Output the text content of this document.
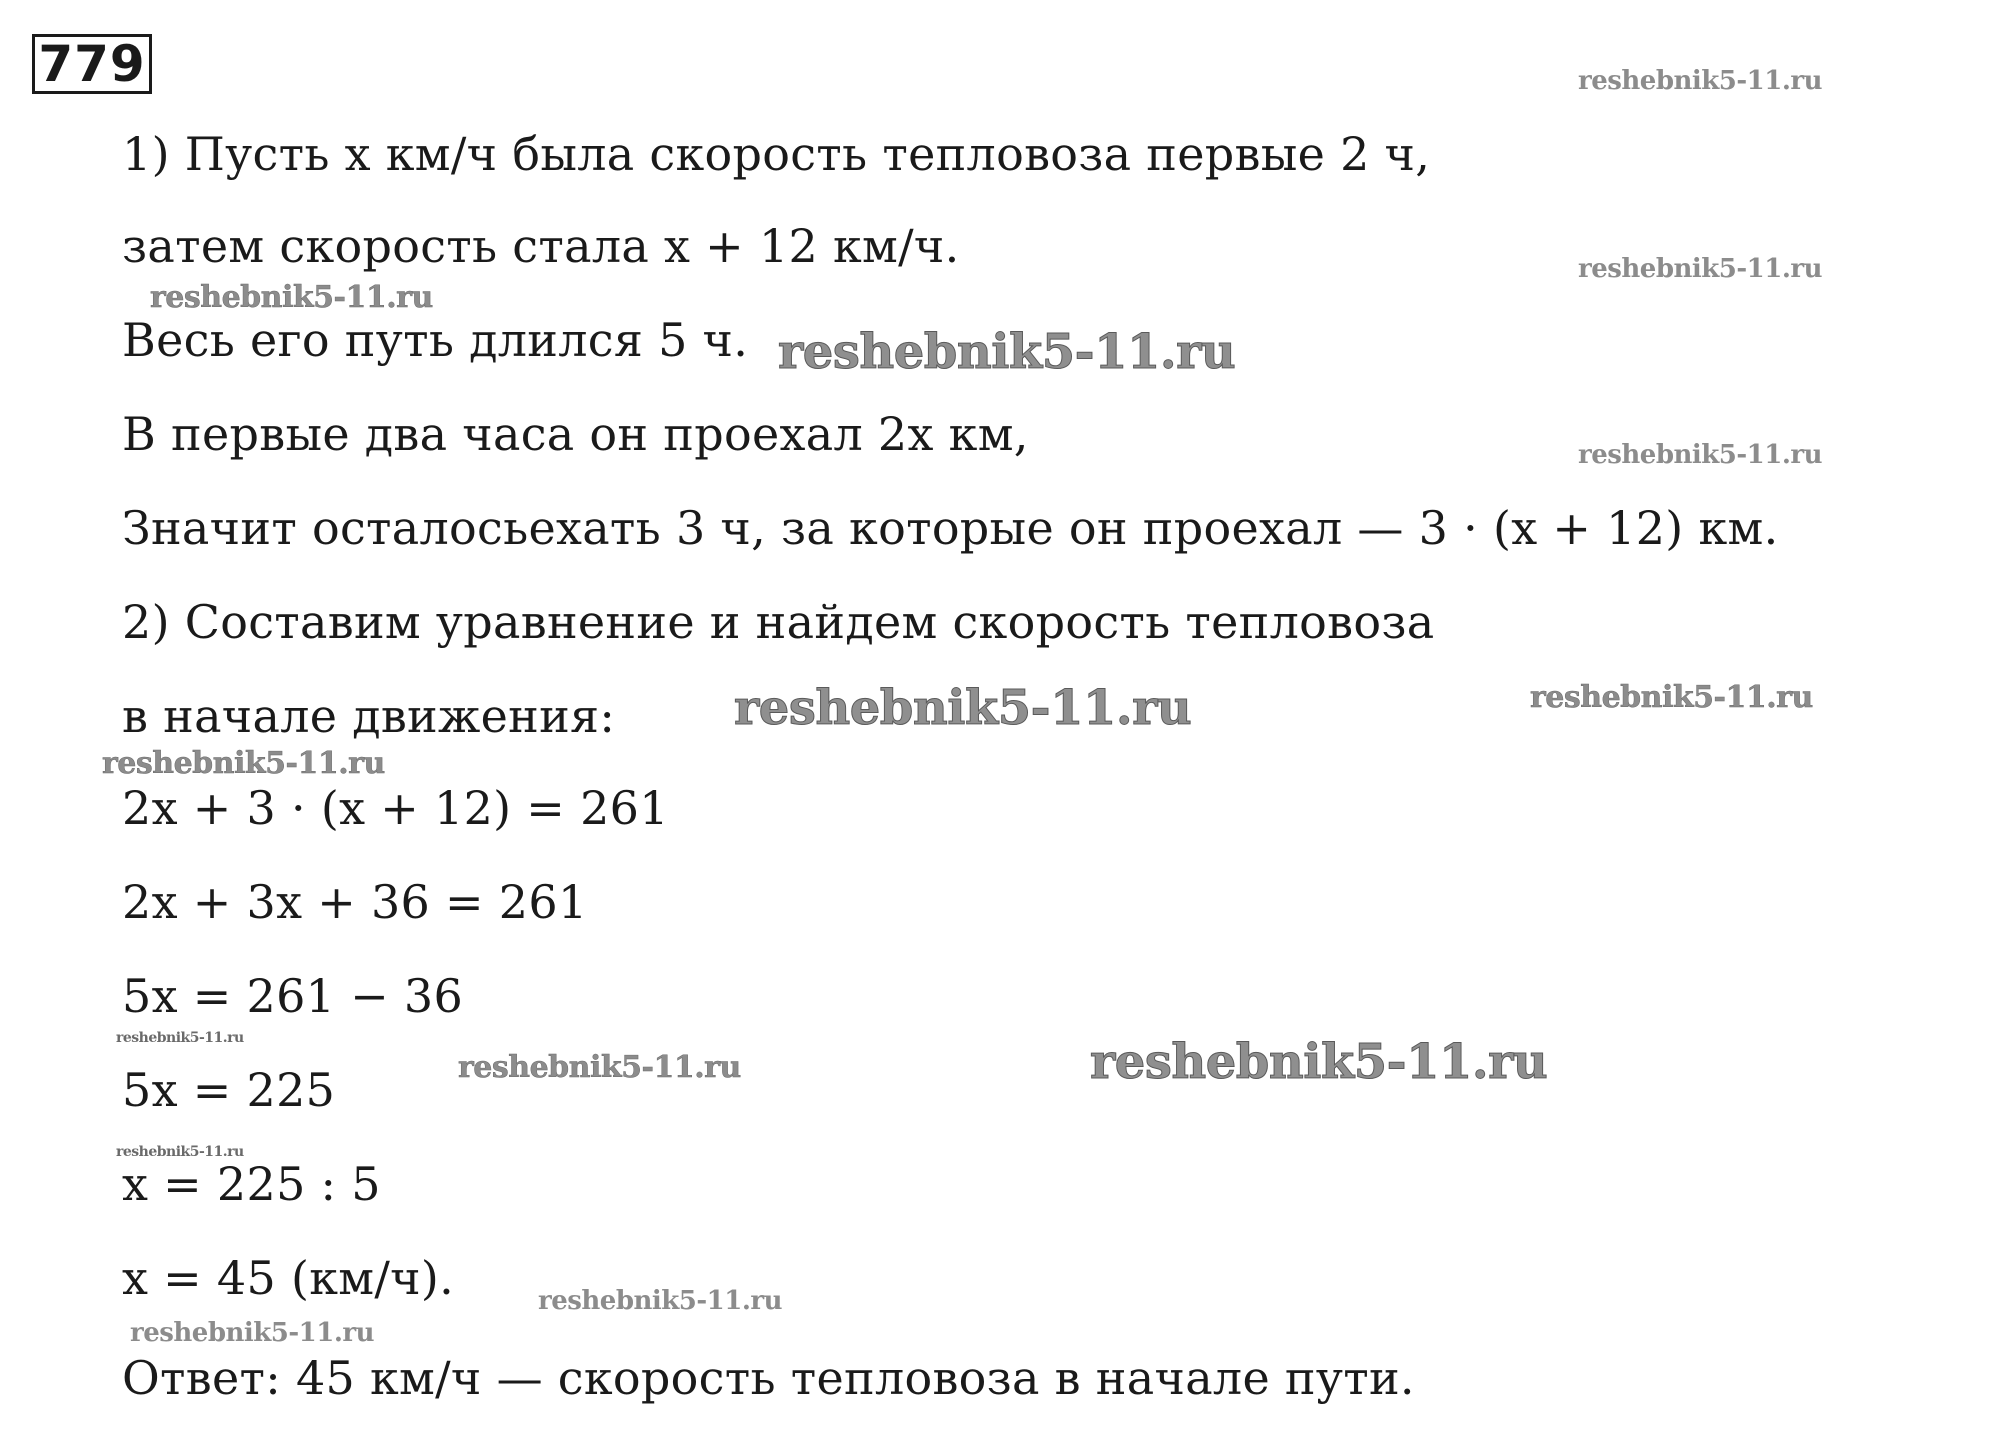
779
1) Пусть x км/ч была скорость тепловоза первые 2 ч,
затем скорость стала x + 12 км/ч.
Весь его путь длился 5 ч.
В первые два часа он проехал 2x км,
Значит осталосьехать 3 ч, за которые он проехал — 3 · (x + 12) км.
2) Составим уравнение и найдем скорость тепловоза
в начале движения:
2x + 3 · (x + 12) = 261
2x + 3x + 36 = 261
5x = 261 − 36
5x = 225
x = 225 : 5
x = 45 (км/ч).
Ответ: 45 км/ч — скорость тепловоза в начале пути.
reshebnik5-11.ru
reshebnik5-11.ru
reshebnik5-11.ru
reshebnik5-11.ru
reshebnik5-11.ru
reshebnik5-11.ru	reshebnik5-11.ru
reshebnik5-11.ru
reshebnik5-11.ru
reshebnik5-11.ru	reshebnik5-11.ru
reshebnik5-11.ru
reshebnik5-11.ru
reshebnik5-11.ru
